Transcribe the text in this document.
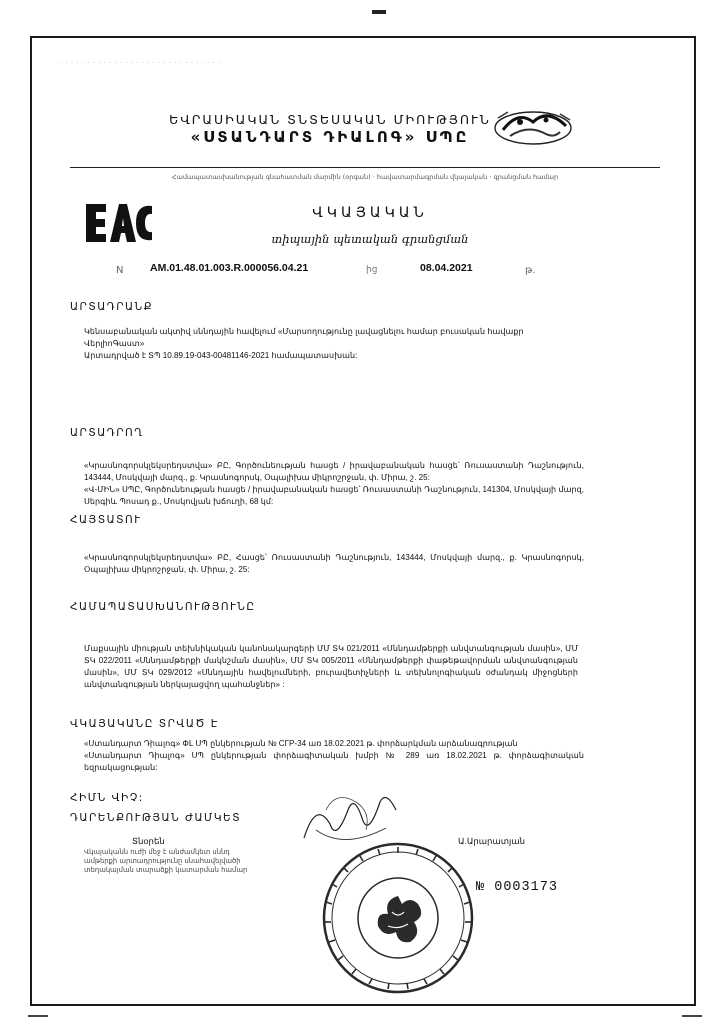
· · · · · · · · · · · · · · · · · · · · · · · · · · · · · ·
ԵՎՐԱՍԻԱԿԱՆ ՏՆՏԵՍԱԿԱՆ ՄԻՈՒԹՅՈՒՆ
«ՍՏԱՆԴԱՐՏ ԴԻԱԼՈԳ» ՍՊԸ
Համապատասխանության գնահատման մարմին (օրգան) · հավատարմագրման վկայական · գրանցման համար
ՎԿԱՅԱԿԱՆ
տիպային պետական գրանցման
N	AM.01.48.01.003.R.000056.04.21	ից	08.04.2021	թ.
ԱՐՏԱԴՐԱՆՔ
Կենսաբանական ակտիվ սննդային հավելում «Մարսողությունը լավացնելու համար բուսական հավաքր
ՎերլիոԳաստ»
Արտադրված է ՏՊ 10.89.19-043-00481146-2021 համապատասխան:
ԱՐՏԱԴՐՈՂ
«Կրասնոգորսկլեկսրեդստվա» ԲԸ, Գործունեության հասցե / իրավաբանական հասցե՝ Ռուսաստանի Դաշնություն, 143444, Մոսկվայի մարզ., ք. Կրասնոգորսկ, Օպալիխա միկրոշրջան, փ. Միրա, շ. 25:
«Վ-ՄԻՆ» ՍՊԸ, Գործունեության հասցե / իրավաբանական հասցե՝ Ռուսաստանի Դաշնություն, 141304, Մոսկվայի մարզ, Սերգիև Պոսադ ք., Մոսկովյան խճուղի, 68 կմ:
ՀԱՅՏԱՏՈՒ
«Կրասնոգորսկլեկսրեդստվա» ԲԸ, Հասցե՝ Ռուսաստանի Դաշնություն, 143444, Մոսկվայի մարզ., ք. Կրասնոգորսկ, Օպալիխա միկրոշրջան, փ. Միրա, շ. 25:
ՀԱՄԱՊԱՏԱՍԽԱՆՈՒԹՅՈՒՆԸ
Մաքսային միության տեխնիկական կանոնակարգերի ՄՄ ՏԿ 021/2011 «Սննդամթերքի անվտանգության մասին», ՄՄ ՏԿ 022/2011 «Սննդամթերքի մակնշման մասին», ՄՄ ՏԿ 005/2011 «Սննդամթերքի փաթեթավորման անվտանգության մասին», ՄՄ ՏԿ 029/2012 «Սննդային հավելումների, բուրավետիչների և տեխնոլոգիական օժանդակ միջոցների անվտանգության ներկայացվող պահանջներ» :
ՎԿԱՅԱԿԱՆԸ ՏՐՎԱԾ Է
«Ստանդարտ Դիալոգ» ՓԼ ՍՊ ընկերության № СГР-34 առ 18.02.2021 թ. փորձարկման արձանագրության
«Ստանդարտ Դիալոգ» ՍՊ ընկերության փորձագիտական խմբի № 289 առ 18.02.2021 թ. փորձագիտական եզրակացության:
ՀԻՄՆ ՎԻՉ:
ԴԱՐԵՆՔՈՒԹՅԱՆ ԺԱՄԿԵՏ
Տնօրեն	Ա.Արարատյան
Վկայականն ուժի մեջ է անժամկետ սննդ
ամթերքի արտադրությունը սնահավելվածի
տեղակայման տարածքի կատարման համար
№ 0003173
